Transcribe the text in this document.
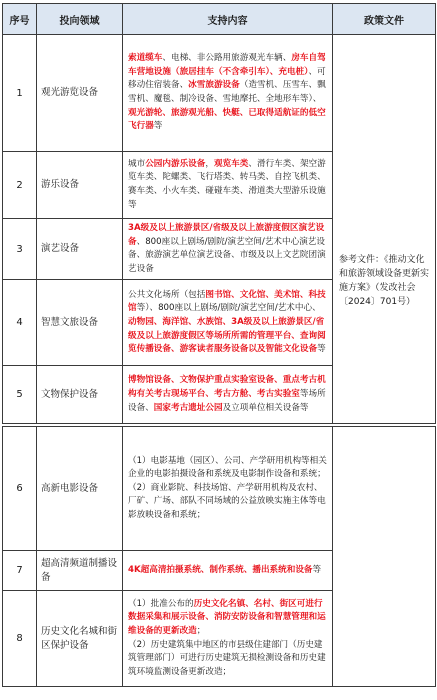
序号	投向领域	支持内容	政策文件
1	观光游览设备	索道缆车、电梯、非公路用旅游观光车辆、房车自驾车营地设施（旅居挂车（不含牵引车）、充电桩）、可移动住宿装备、冰雪旅游设备（造雪机、压雪车、飘雪机、魔毯、制冷设备、雪地摩托、全地形车等）、观光游轮、旅游观光船、快艇、已取得适航证的低空飞行器等	参考文件：《推动文化和旅游领域设备更新实施方案》（发改社会〔2024〕701号）

2	游乐设备	城市公园内游乐设备，观览车类、滑行车类、架空游览车类、陀螺类、飞行塔类、转马类、自控飞机类、赛车类、小火车类、碰碰车类、滑道类大型游乐设施等	
3	演艺设备	3A级及以上旅游景区/省级及以上旅游度假区演艺设备、800座以上剧场/剧院/演艺空间/艺术中心演艺设备、旅游演艺单位演艺设备、市级及以上文艺院团演艺设备	
4	智慧文旅设备	公共文化场所（包括图书馆、文化馆、美术馆、科技馆等）、800座以上剧场/剧院/演艺空间/艺术中心、动物园、海洋馆、水族馆、3A级及以上旅游景区/省级及以上旅游度假区等场所所需的管理平台、查询阅览传播设备、游客读者服务设备以及智能文化设备等	
5	文物保护设备	博物馆设备、文物保护重点实验室设备、重点考古机构有关考古现场平台、考古方舱、考古实验室等场所设备、国家考古遗址公园及立项单位相关设备等	
6	高新电影设备	（1）电影基地（园区）、公司、产学研用机构等相关企业的电影拍摄设备和系统及电影制作设备和系统；
（2）商业影院、科技场馆、产学研用机构及农村、厂矿、广场、部队不同场域的公益放映实施主体等电影放映设备和系统；	

7	超高清频道制播设备	4K超高清拍摄系统、制作系统、播出系统和设备等	

8	历史文化名城和街区保护设备	（1）批准公布的历史文化名镇、名村、街区可进行数据采集和展示设备、消防安防设备和智慧管理和运维设备的更新改造；
（2）历史建筑集中地区的市县级住建部门（历史建筑管理部门）可进行历史建筑无损检测设备和历史建筑环境监测设备更新改造；	
